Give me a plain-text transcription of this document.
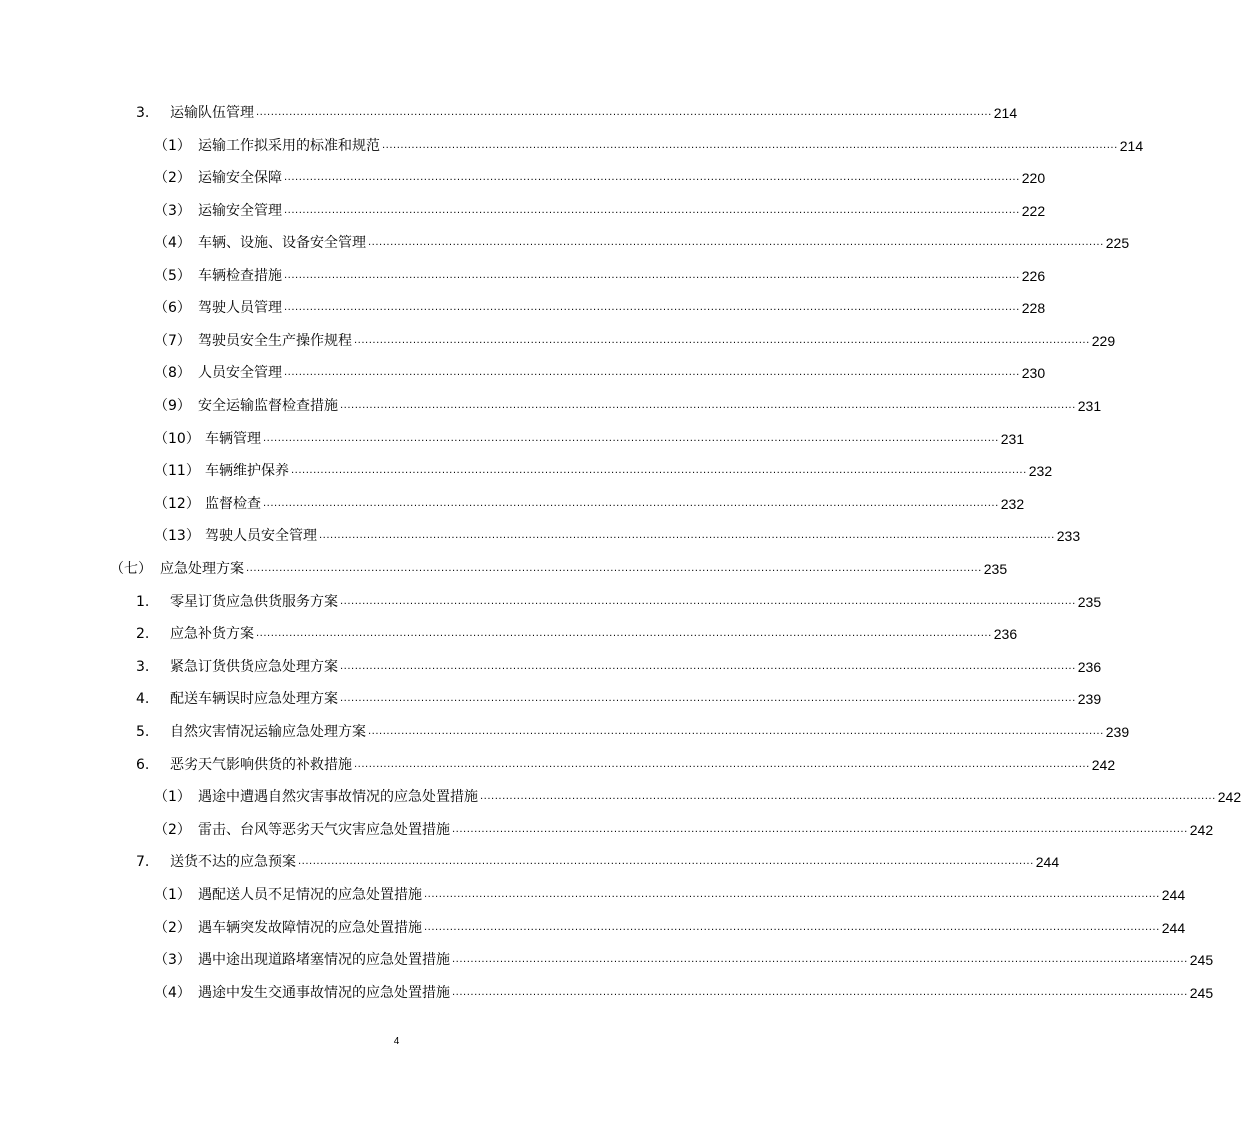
3.	运输队伍管理 ........................................................................................................................................................................................................ 214
（1） 运输工作拟采用的标准和规范 ........................................................................................................................................................................................................ 214
（2） 运输安全保障 ........................................................................................................................................................................................................ 220
（3） 运输安全管理 ........................................................................................................................................................................................................ 222
（4） 车辆、设施、设备安全管理 ........................................................................................................................................................................................................ 225
（5） 车辆检查措施 ........................................................................................................................................................................................................ 226
（6） 驾驶人员管理 ........................................................................................................................................................................................................ 228
（7） 驾驶员安全生产操作规程 ........................................................................................................................................................................................................ 229
（8） 人员安全管理 ........................................................................................................................................................................................................ 230
（9） 安全运输监督检查措施 ........................................................................................................................................................................................................ 231
（10） 车辆管理 ........................................................................................................................................................................................................ 231
（11） 车辆维护保养 ........................................................................................................................................................................................................ 232
（12） 监督检查 ........................................................................................................................................................................................................ 232
（13） 驾驶人员安全管理 ........................................................................................................................................................................................................ 233
（七） 应急处理方案 ........................................................................................................................................................................................................ 235
1.	零星订货应急供货服务方案 ........................................................................................................................................................................................................ 235
2.	应急补货方案 ........................................................................................................................................................................................................ 236
3.	紧急订货供货应急处理方案 ........................................................................................................................................................................................................ 236
4.	配送车辆误时应急处理方案 ........................................................................................................................................................................................................ 239
5.	自然灾害情况运输应急处理方案 ........................................................................................................................................................................................................ 239
6.	恶劣天气影响供货的补救措施 ........................................................................................................................................................................................................ 242
（1） 遇途中遭遇自然灾害事故情况的应急处置措施 ........................................................................................................................................................................................................ 242
（2） 雷击、台风等恶劣天气灾害应急处置措施 ........................................................................................................................................................................................................ 242
7.	送货不达的应急预案 ........................................................................................................................................................................................................ 244
（1） 遇配送人员不足情况的应急处置措施 ........................................................................................................................................................................................................ 244
（2） 遇车辆突发故障情况的应急处置措施 ........................................................................................................................................................................................................ 244
（3） 遇中途出现道路堵塞情况的应急处置措施 ........................................................................................................................................................................................................ 245
（4） 遇途中发生交通事故情况的应急处置措施 ........................................................................................................................................................................................................ 245
4
